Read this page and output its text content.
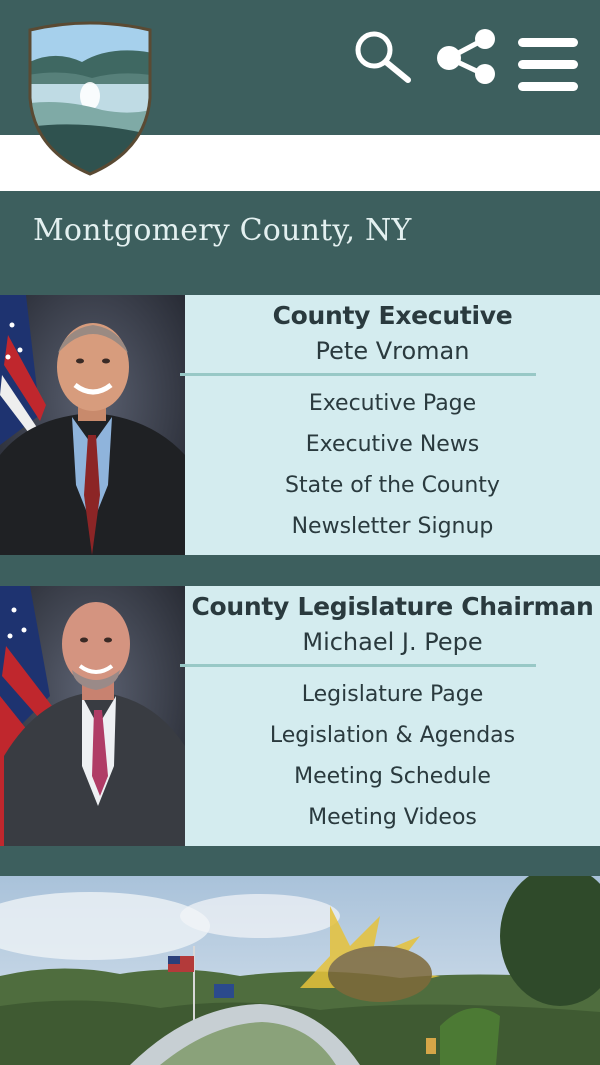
Montgomery County, NY
County Executive
Pete Vroman
Executive Page
Executive News
State of the County
Newsletter Signup
County Legislature Chairman
Michael J. Pepe
Legislature Page
Legislation & Agendas
Meeting Schedule
Meeting Videos
